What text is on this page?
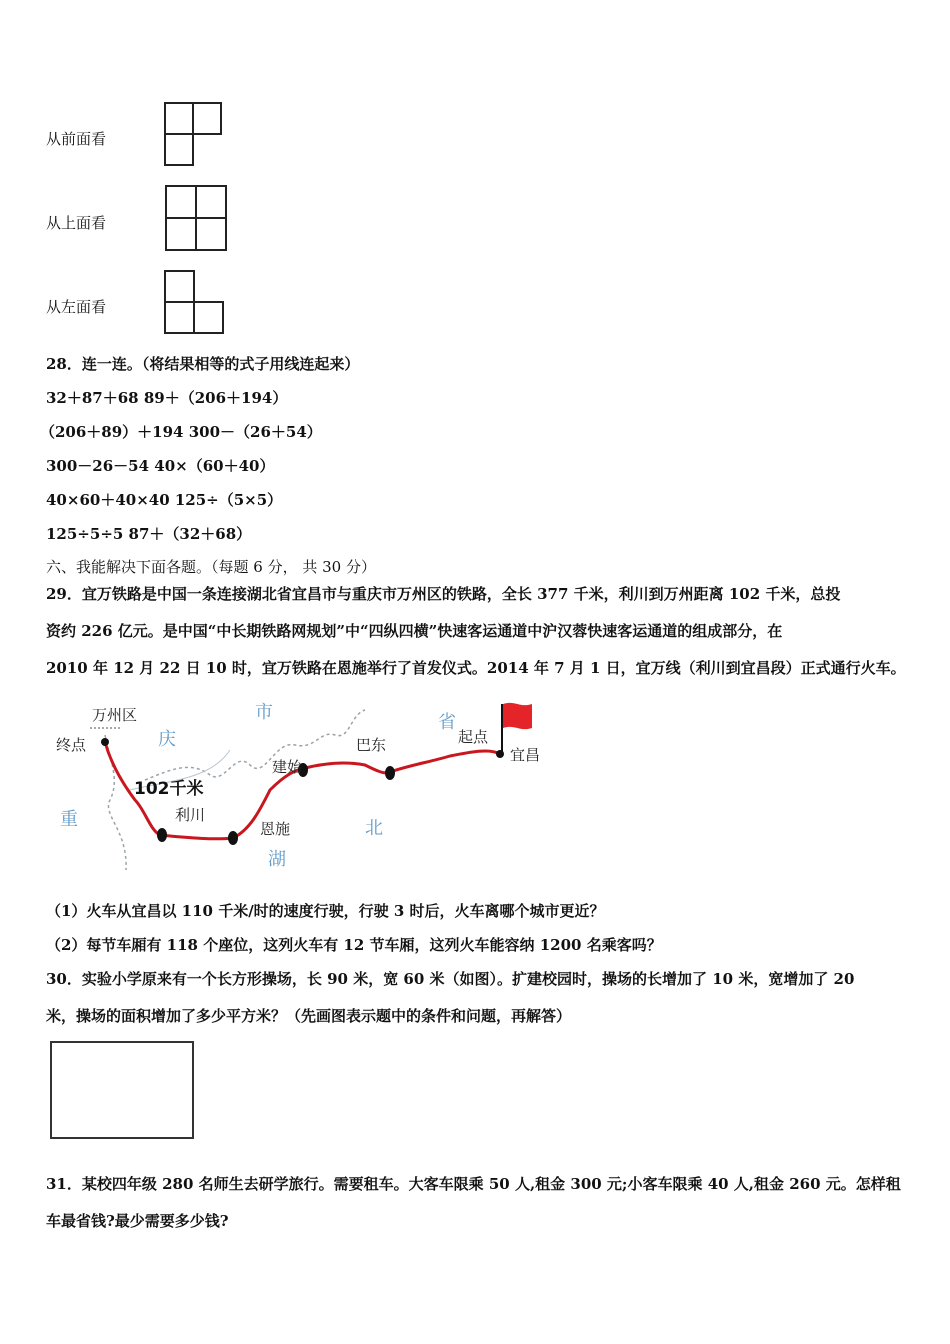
从前面看
从上面看
从左面看
28．连一连。（将结果相等的式子用线连起来）
32＋87＋68 89＋（206＋194）
（206＋89）＋194 300－（26＋54）
300－26－54 40×（60＋40）
40×60＋40×40 125÷（5×5）
125÷5÷5 87＋（32＋68）
六、我能解决下面各题。（每题 6 分， 共 30 分）
29．宜万铁路是中国一条连接湖北省宜昌市与重庆市万州区的铁路，全长 377 千米，利川到万州距离 102 千米，总投
资约 226 亿元。是中国“中长期铁路网规划”中“四纵四横”快速客运通道中沪汉蓉快速客运通道的组成部分，在
2010 年 12 月 22 日 10 时，宜万铁路在恩施举行了首发仪式。2014 年 7 月 1 日，宜万线（利川到宜昌段）正式通行火车。
万州区
终点	庆
市	省
起点
宜昌
巴东
建始
102千米
利川
恩施
重
湖
北
（1）火车从宜昌以 110 千米/时的速度行驶，行驶 3 时后，火车离哪个城市更近？
（2）每节车厢有 118 个座位，这列火车有 12 节车厢，这列火车能容纳 1200 名乘客吗？
30．实验小学原来有一个长方形操场，长 90 米，宽 60 米（如图）。扩建校园时，操场的长增加了 10 米，宽增加了 20
米，操场的面积增加了多少平方米？（先画图表示题中的条件和问题，再解答）
31．某校四年级 280 名师生去研学旅行。需要租车。大客车限乘 50 人,租金 300 元;小客车限乘 40 人,租金 260 元。怎样租
车最省钱?最少需要多少钱?
